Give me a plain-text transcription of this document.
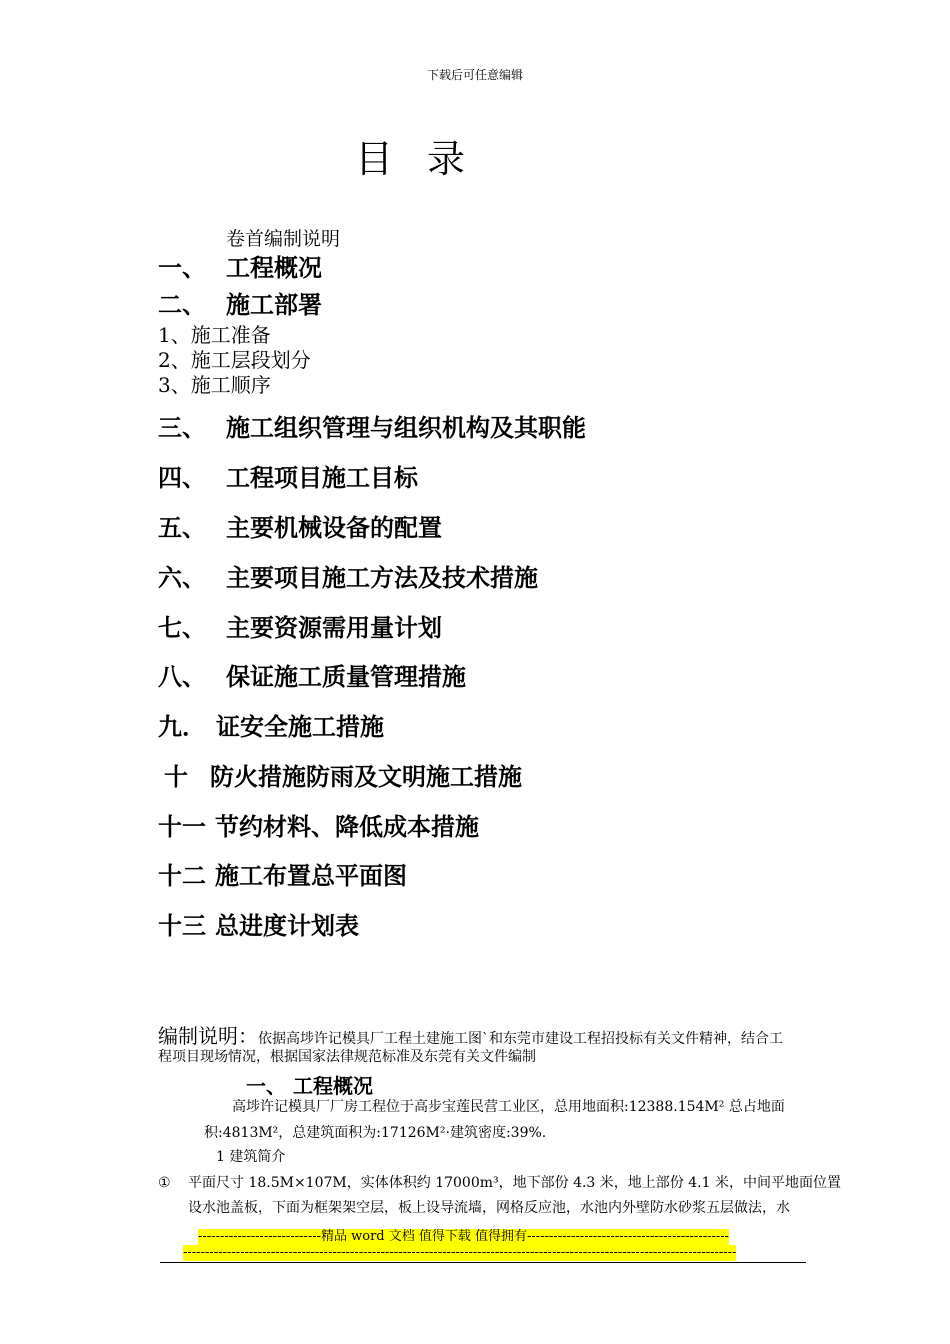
下载后可任意编辑
目 录
卷首编制说明
一、 工程概况
二、 施工部署
1、施工准备
2、施工层段划分
3、施工顺序
三、 施工组织管理与组织机构及其职能
四、 工程项目施工目标
五、 主要机械设备的配置
六、 主要项目施工方法及技术措施
七、 主要资源需用量计划
八、 保证施工质量管理措施
九． 证安全施工措施
十 防火措施防雨及文明施工措施
十一 节约材料、降低成本措施
十二 施工布置总平面图
十三 总进度计划表
编制说明：依据高埗许记模具厂工程土建施工图`和东莞市建设工程招投标有关文件精神，结合工
程项目现场情况，根据国家法律规范标准及东莞有关文件编制
一、 工程概况
高埗许记模具厂厂房工程位于高步宝莲民营工业区，总用地面积:12388.154M² 总占地面
积:4813M²，总建筑面积为:17126M²·建筑密度:39%.
1 建筑简介
① 平面尺寸 18.5M×107M，实体体积约 17000m³，地下部份 4.3 米，地上部份 4.1 米，中间平地面位置
设水池盖板，下面为框架架空层，板上设导流墙，网格反应池，水池内外壁防水砂浆五层做法，水
----------------------------精品 word 文档 值得下载 值得拥有----------------------------------------------
------------------------------------------------------------------------------------------------------------------------------
